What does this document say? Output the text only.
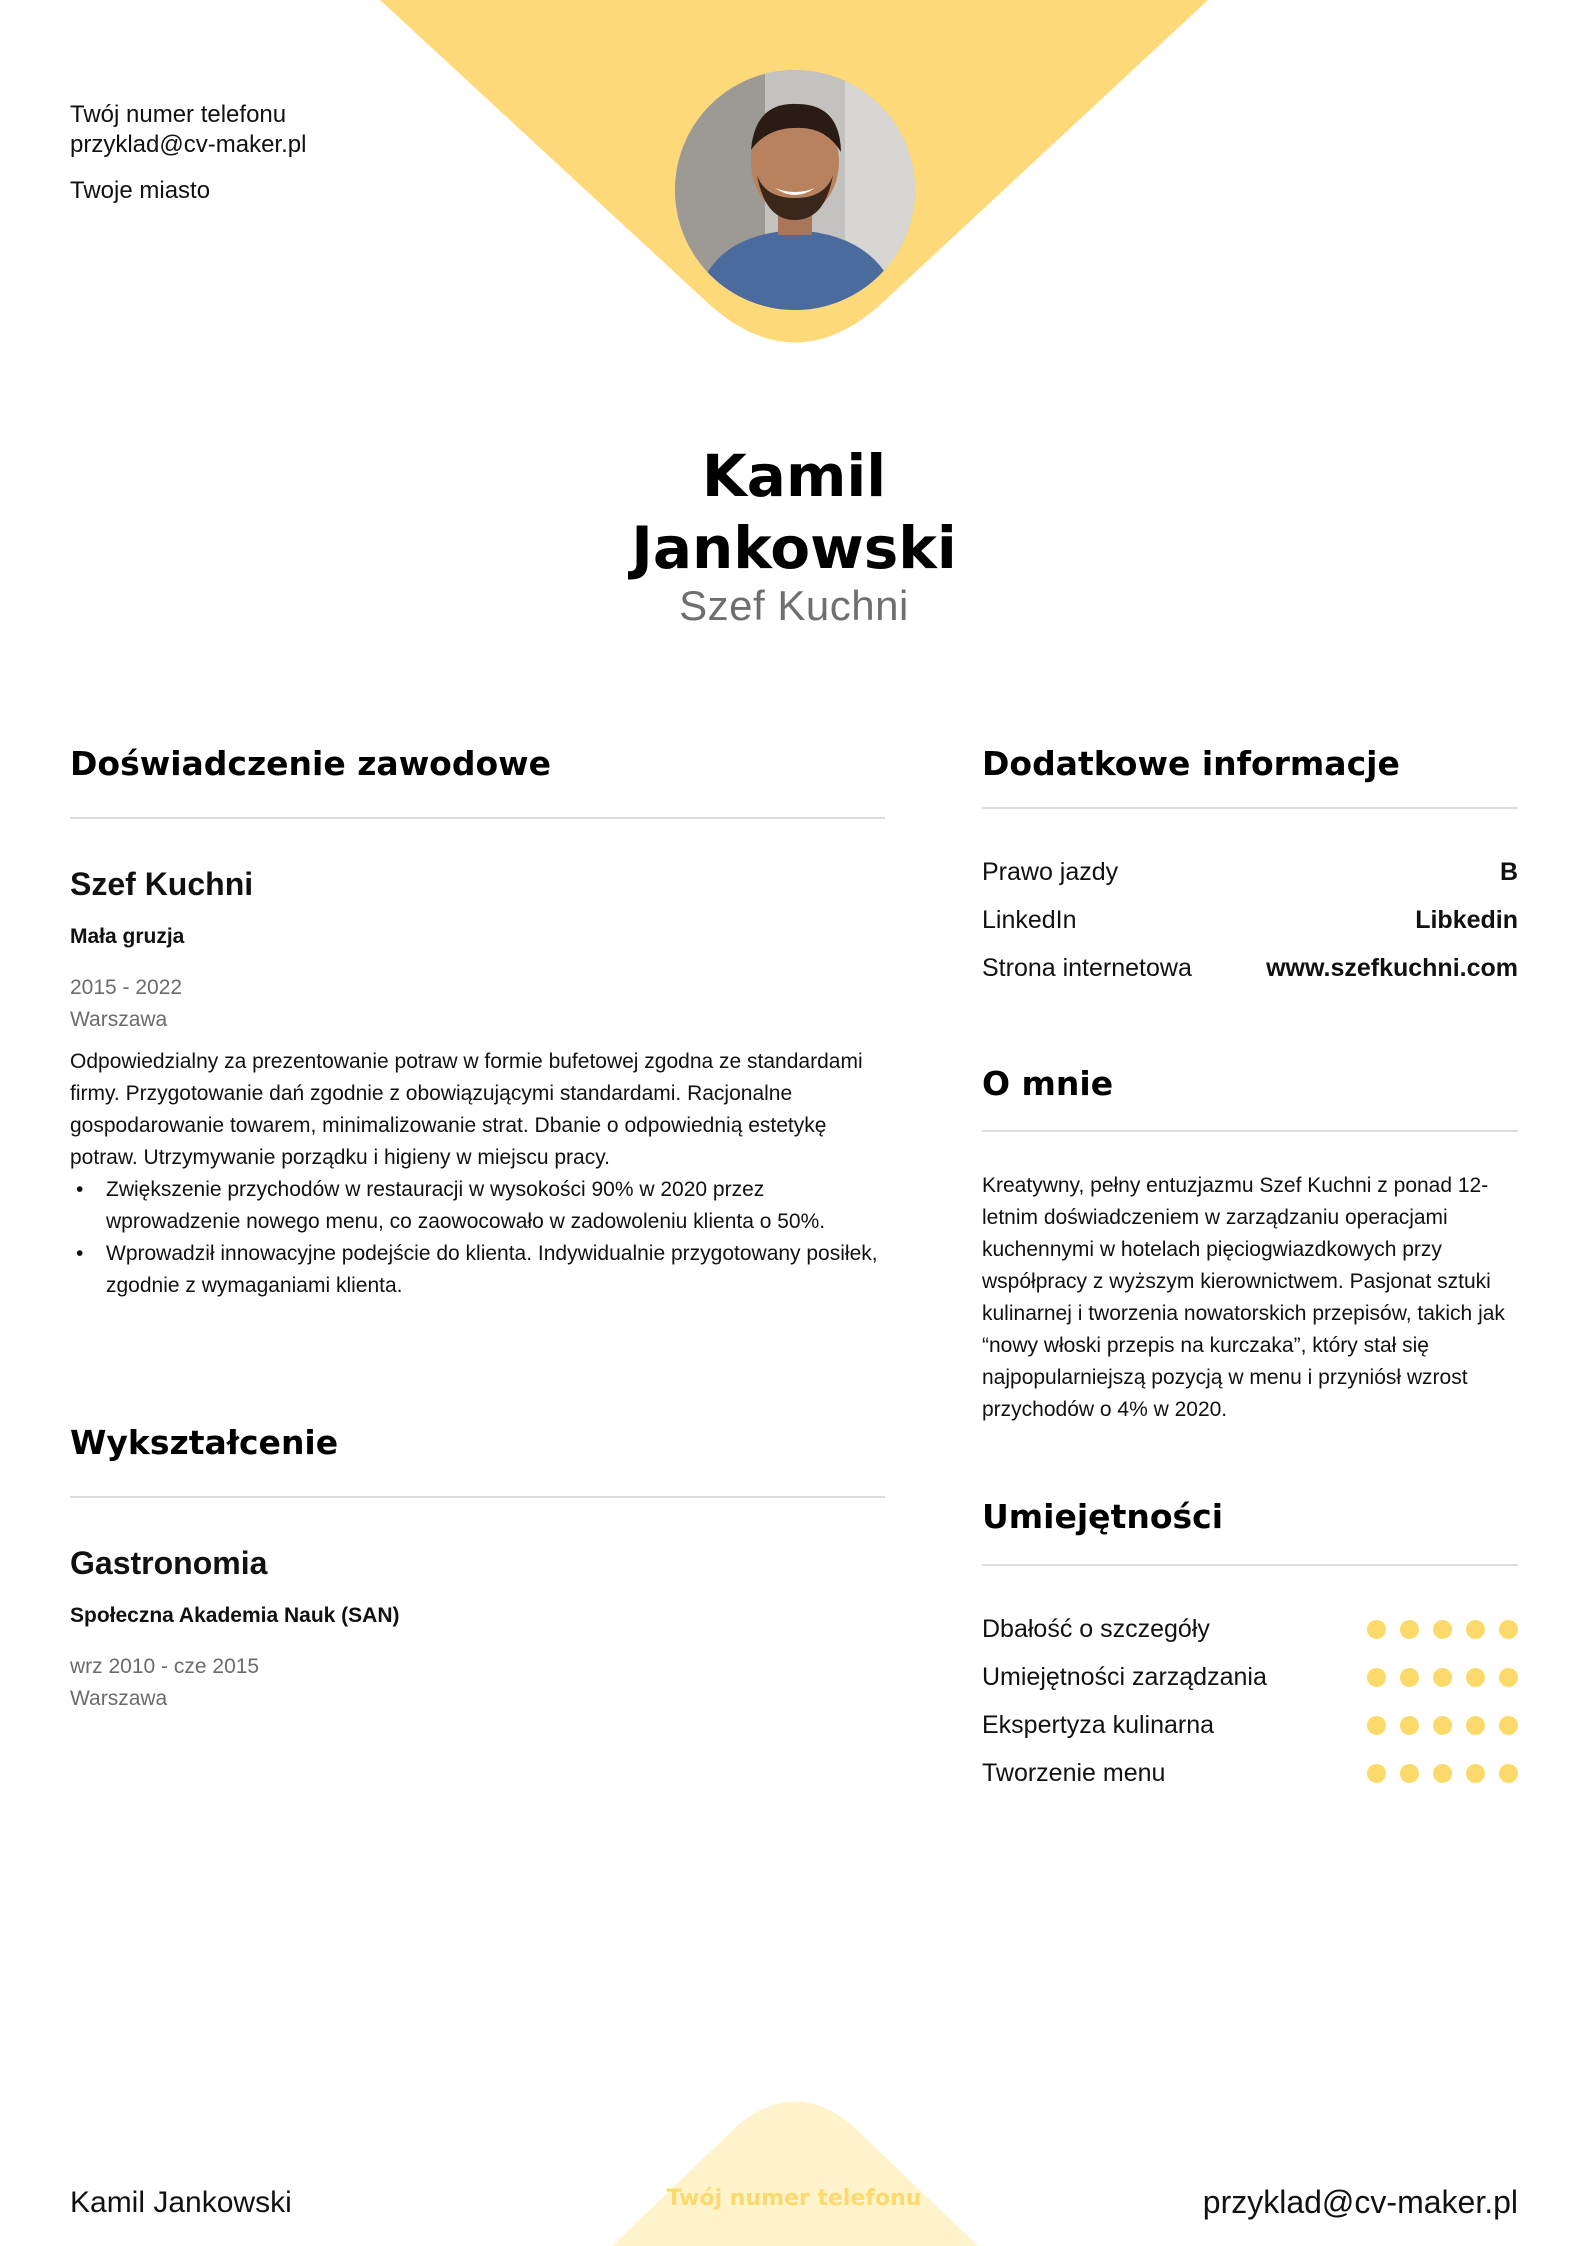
Twój numer telefonu
przyklad@cv-maker.pl
Twoje miasto
Kamil
Jankowski
Szef Kuchni
Doświadczenie zawodowe
Szef Kuchni
Mała gruzja
2015 - 2022
Warszawa

Odpowiedzialny za prezentowanie potraw w formie bufetowej zgodna ze standardami firmy. Przygotowanie dań zgodnie z obowiązującymi standardami. Racjonalne gospodarowanie towarem, minimalizowanie strat. Dbanie o odpowiednią estetykę potraw. Utrzymywanie porządku i higieny w miejscu pracy.

• Zwiększenie przychodów w restauracji w wysokości 90% w 2020 przez wprowadzenie nowego menu, co zaowocowało w zadowoleniu klienta o 50%.
• Wprowadził innowacyjne podejście do klienta. Indywidualnie przygotowany posiłek, zgodnie z wymaganiami klienta.
Wykształcenie
Gastronomia
Społeczna Akademia Nauk (SAN)
wrz 2010 - cze 2015
Warszawa
Dodatkowe informacje
Prawo jazdy	B
LinkedIn	Libkedin
Strona internetowa	www.szefkuchni.com
O mnie
Kreatywny, pełny entuzjazmu Szef Kuchni z ponad 12-letnim doświadczeniem w zarządzaniu operacjami kuchennymi w hotelach pięciogwiazdkowych przy współpracy z wyższym kierownictwem. Pasjonat sztuki kulinarnej i tworzenia nowatorskich przepisów, takich jak “nowy włoski przepis na kurczaka”, który stał się najpopularniejszą pozycją w menu i przyniósł wzrost przychodów o 4% w 2020.
Umiejętności
Dbałość o szczegóły
Umiejętności zarządzania
Ekspertyza kulinarna
Tworzenie menu
Kamil Jankowski	Twój numer telefonu	przyklad@cv-maker.pl
